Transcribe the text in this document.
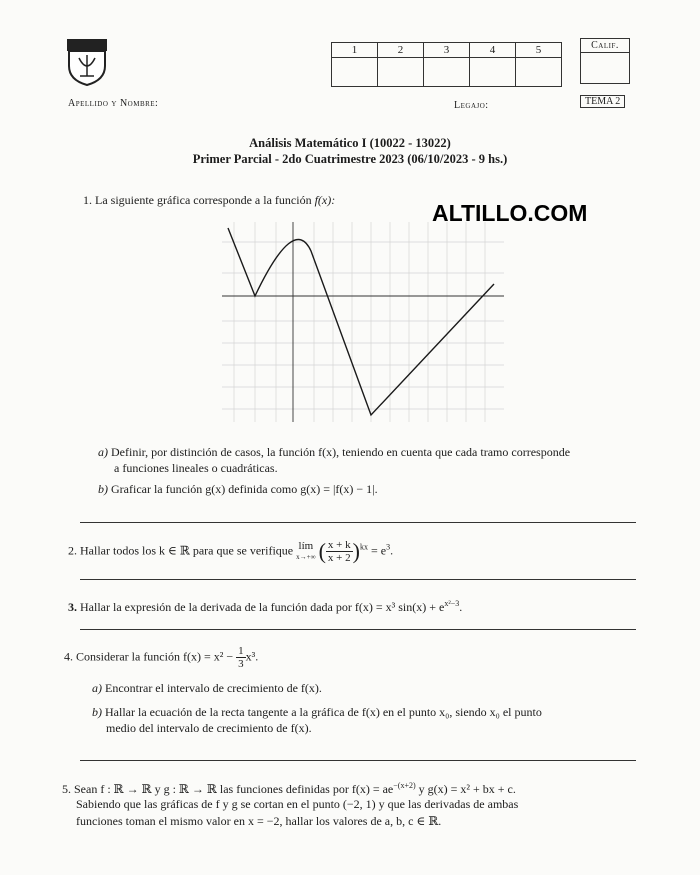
1	2	3	4	5
					Calif.
Apellido y Nombre:	Legajo:	TEMA 2
Análisis Matemático I (10022 - 13022)
Primer Parcial - 2do Cuatrimestre 2023 (06/10/2023 - 9 hs.)
ALTILLO.COM
1. La siguiente gráfica corresponde a la función f(x):
a) Definir, por distinción de casos, la función f(x), teniendo en cuenta que cada tramo corresponde
a funciones lineales o cuadráticas.
b) Graficar la función g(x) definida como g(x) = |f(x) − 1|.
2. Hallar todos los k ∈ ℝ para que se verifique lím
x→+∞ ( $\frac{x + k}{x + 2} )^{kx} = e^3$.
3. Hallar la expresión de la derivada de la función dada por f(x) = x³ $\sin(x) + e^{x^2-3}$.
4. Considerar la función $f(x) = x^2 - \frac{1}{3} x^3$.
a) Encontrar el intervalo de crecimiento de f(x).
b) Hallar la ecuación de la recta tangente a la gráfica de f(x) en el punto x₀, siendo x₀ el punto
medio del intervalo de crecimiento de f(x).
5. Sean f : ℝ → ℝ y g : ℝ → ℝ las funciones definidas por $f(x) = ae^{-(x+2)}$ y g(x) = x² + bx + c.
Sabiendo que las gráficas de f y g se cortan en el punto (−2, 1) y que las derivadas de ambas
funciones toman el mismo valor en x = −2, hallar los valores de a, b, c ∈ ℝ.
